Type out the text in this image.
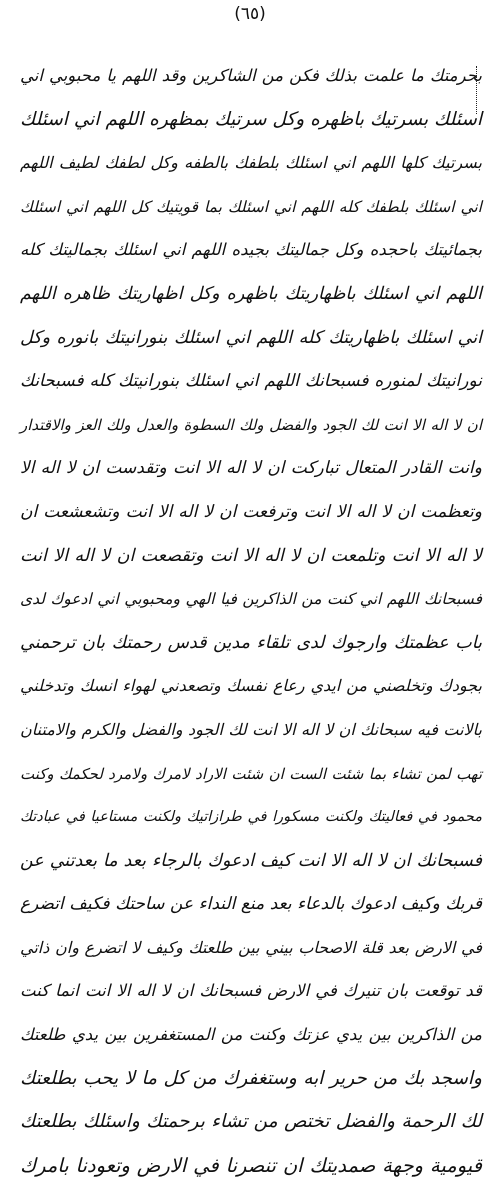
(٦٥)
بحرمتك ما علمت بذلك فكن من الشاكرين وقد اللهم يا محبوبي اني
اسئلك بسرتيك باظهره وكل سرتيك بمظهره اللهم اني اسئلك
بسرتيك كلها اللهم اني اسئلك بلطفك بالطفه وكل لطفك لطيف اللهم
اني اسئلك بلطفك كله اللهم اني اسئلك بما قويتيك كل اللهم اني اسئلك
بجمائيتك باحجده وكل جماليتك بجيده اللهم اني اسئلك بجماليتك كله
اللهم اني اسئلك باظهاريتك باظهره وكل اظهاريتك ظاهره اللهم
اني اسئلك باظهاريتك كله اللهم اني اسئلك بنورانيتك بانوره وكل
نورانيتك لمنوره فسبحانك اللهم اني اسئلك بنورانيتك كله فسبحانك
ان لا اله الا انت لك الجود والفضل ولك السطوة والعدل ولك العز والاقتدار
وانت القادر المتعال تباركت ان لا اله الا انت وتقدست ان لا اله الا
وتعظمت ان لا اله الا انت وترفعت ان لا اله الا انت وتشعشعت ان
لا اله الا انت وتلمعت ان لا اله الا انت وتقصعت ان لا اله الا انت
فسبحانك اللهم اني كنت من الذاكرين فيا الهي ومحبوبي اني ادعوك لدى
باب عظمتك وارجوك لدى تلقاء مدين قدس رحمتك بان ترحمني
بجودك وتخلصني من ايدي رعاع نفسك وتصعدني لهواء انسك وتدخلني
بالانت فيه سبحانك ان لا اله الا انت لك الجود والفضل والكرم والامتنان
تهب لمن تشاء بما شئت الست ان شئت الاراد لامرك ولامرد لحكمك وكنت
محمود في فعاليتك ولكنت مسكورا في طرازاتيك ولكنت مستاعيا في عبادتك
فسبحانك ان لا اله الا انت كيف ادعوك بالرجاء بعد ما بعدتني عن
قربك وكيف ادعوك بالدعاء بعد منع النداء عن ساحتك فكيف اتضرع
في الارض بعد قلة الاصحاب بيني بين طلعتك وكيف لا اتضرع وان ذاتي
قد توقعت بان تنيرك في الارض فسبحانك ان لا اله الا انت انما كنت
من الذاكرين بين يدي عزتك وكنت من المستغفرين بين يدي طلعتك
واسجد بك من حرير ابه وستغفرك من كل ما لا يحب بطلعتك
لك الرحمة والفضل تختص من تشاء برحمتك واسئلك بطلعتك
قيومية وجهة صمديتك ان تنصرنا في الارض وتعودنا بامرك
